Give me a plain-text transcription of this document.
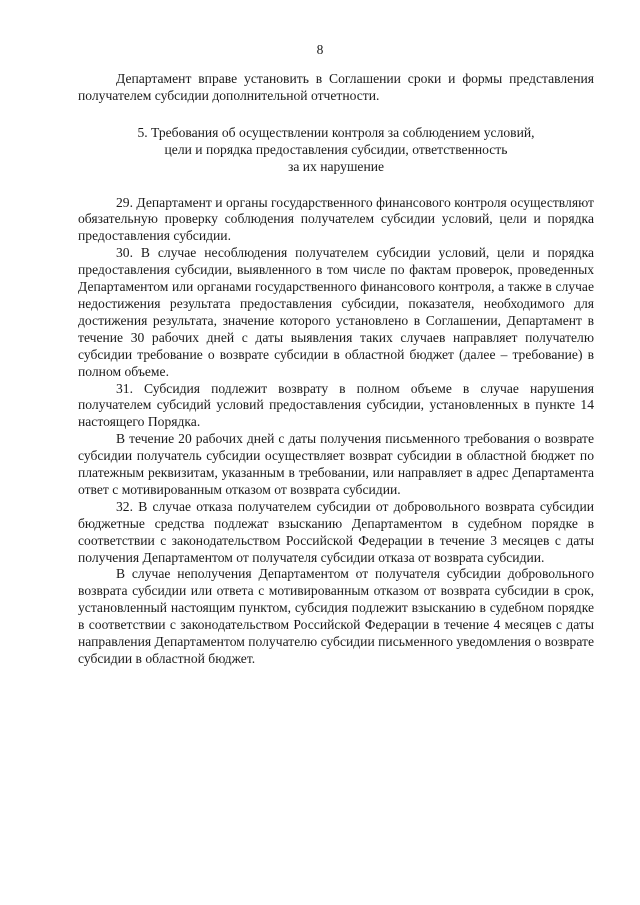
8

Департамент вправе установить в Соглашении сроки и формы представления получателем субсидии дополнительной отчетности.

5. Требования об осуществлении контроля за соблюдением условий,
цели и порядка предоставления субсидии, ответственность
за их нарушение

29. Департамент и органы государственного финансового контроля осуществляют обязательную проверку соблюдения получателем субсидии условий, цели и порядка предоставления субсидии.

30. В случае несоблюдения получателем субсидии условий, цели и порядка предоставления субсидии, выявленного в том числе по фактам проверок, проведенных Департаментом или органами государственного финансового контроля, а также в случае недостижения результата предоставления субсидии, показателя, необходимого для достижения результата, значение которого установлено в Соглашении, Департамент в течение 30 рабочих дней с даты выявления таких случаев направляет получателю субсидии требование о возврате субсидии в областной бюджет (далее – требование) в полном объеме.

31. Субсидия подлежит возврату в полном объеме в случае нарушения получателем субсидий условий предоставления субсидии, установленных в пункте 14 настоящего Порядка.

В течение 20 рабочих дней с даты получения письменного требования о возврате субсидии получатель субсидии осуществляет возврат субсидии в областной бюджет по платежным реквизитам, указанным в требовании, или направляет в адрес Департамента ответ с мотивированным отказом от возврата субсидии.

32. В случае отказа получателем субсидии от добровольного возврата субсидии бюджетные средства подлежат взысканию Департаментом в судебном порядке в соответствии с законодательством Российской Федерации в течение 3 месяцев с даты получения Департаментом от получателя субсидии отказа от возврата субсидии.

В случае неполучения Департаментом от получателя субсидии добровольного возврата субсидии или ответа с мотивированным отказом от возврата субсидии в срок, установленный настоящим пунктом, субсидия подлежит взысканию в судебном порядке в соответствии с законодательством Российской Федерации в течение 4 месяцев с даты направления Департаментом получателю субсидии письменного уведомления о возврате субсидии в областной бюджет.
